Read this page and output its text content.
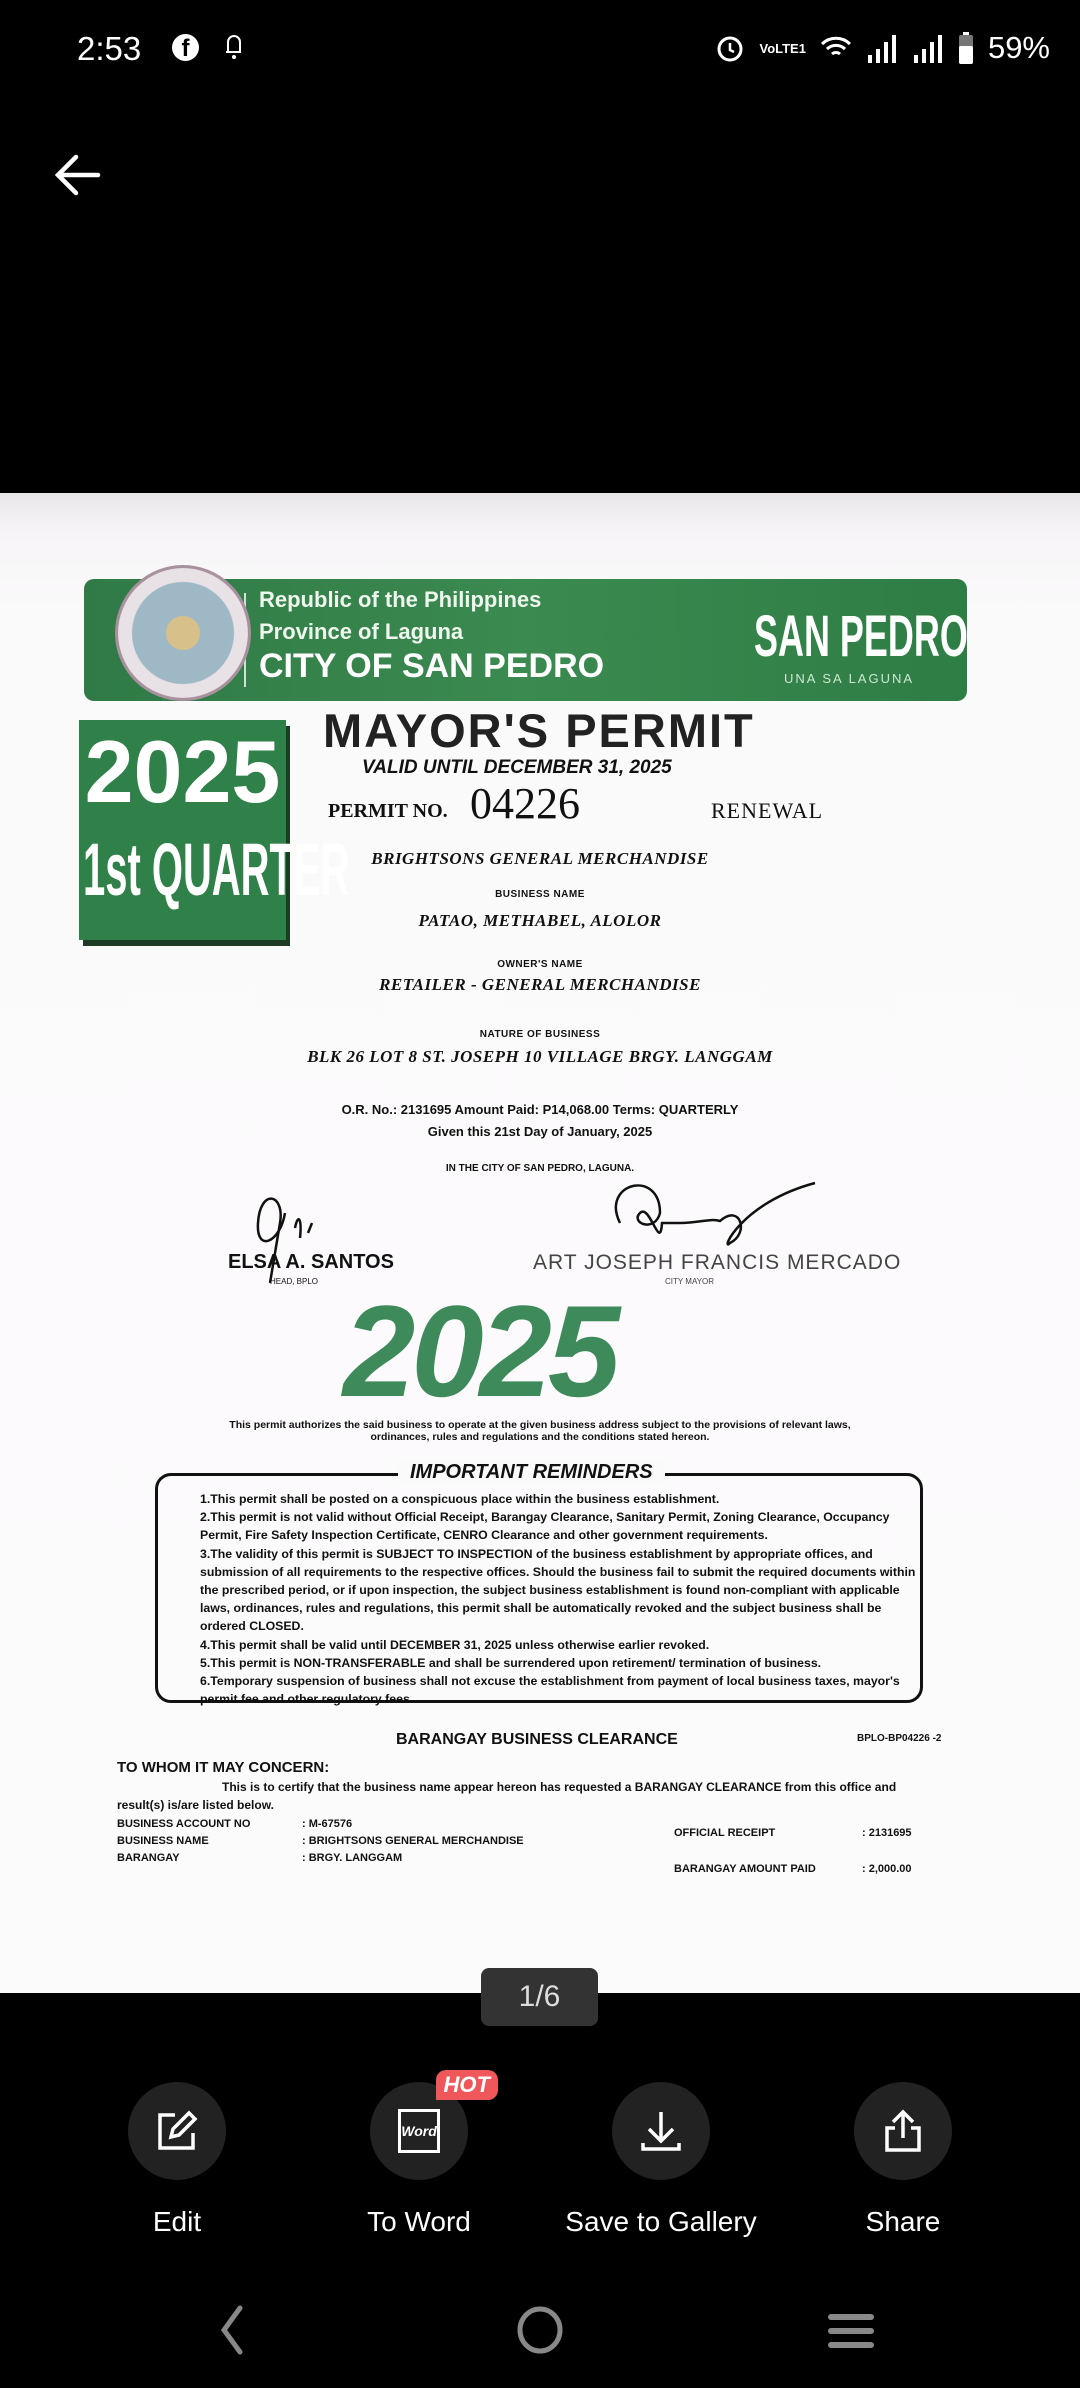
2:53	f	VoLTE1	59%
Republic of the Philippines
Province of Laguna
CITY OF SAN PEDRO	SAN PEDRO
UNA SA LAGUNA
2025
1st QUARTER
MAYOR'S PERMIT
VALID UNTIL DECEMBER 31, 2025
PERMIT NO. 04226	RENEWAL
BRIGHTSONS GENERAL MERCHANDISE
BUSINESS NAME
PATAO, METHABEL, ALOLOR
OWNER'S NAME
RETAILER - GENERAL MERCHANDISE
NATURE OF BUSINESS
BLK 26 LOT 8 ST. JOSEPH 10 VILLAGE BRGY. LANGGAM
O.R. No.: 2131695 Amount Paid: P14,068.00 Terms: QUARTERLY
Given this 21st Day of January, 2025
IN THE CITY OF SAN PEDRO, LAGUNA.
ELSA A. SANTOS
HEAD, BPLO
ART JOSEPH FRANCIS MERCADO
CITY MAYOR
2025
This permit authorizes the said business to operate at the given business address subject to the provisions of relevant laws, ordinances, rules and regulations and the conditions stated hereon.
IMPORTANT REMINDERS

1.This permit shall be posted on a conspicuous place within the business establishment.

2.This permit is not valid without Official Receipt, Barangay Clearance, Sanitary Permit, Zoning Clearance, Occupancy Permit, Fire Safety Inspection Certificate, CENRO Clearance and other government requirements.

3.The validity of this permit is SUBJECT TO INSPECTION of the business establishment by appropriate offices, and submission of all requirements to the respective offices. Should the business fail to submit the required documents within the prescribed period, or if upon inspection, the subject business establishment is found non-compliant with applicable laws, ordinances, rules and regulations, this permit shall be automatically revoked and the subject business shall be ordered CLOSED.

4.This permit shall be valid until DECEMBER 31, 2025 unless otherwise earlier revoked.

5.This permit is NON-TRANSFERABLE and shall be surrendered upon retirement/ termination of business.

6.Temporary suspension of business shall not excuse the establishment from payment of local business taxes, mayor's permit fee and other regulatory fees.

BARANGAY BUSINESS CLEARANCE	BPLO-BP04226 -2
TO WHOM IT MAY CONCERN:
This is to certify that the business name appear hereon has requested a BARANGAY CLEARANCE from this office and
result(s) is/are listed below.
BUSINESS ACCOUNT NO	: M-67576
BUSINESS NAME	: BRIGHTSONS GENERAL MERCHANDISE
BARANGAY	: BRGY. LANGGAM
OFFICIAL RECEIPT	: 2131695
BARANGAY AMOUNT PAID	: 2,000.00
1/6
Edit
Word
HOT
To Word	Save to Gallery	Share
